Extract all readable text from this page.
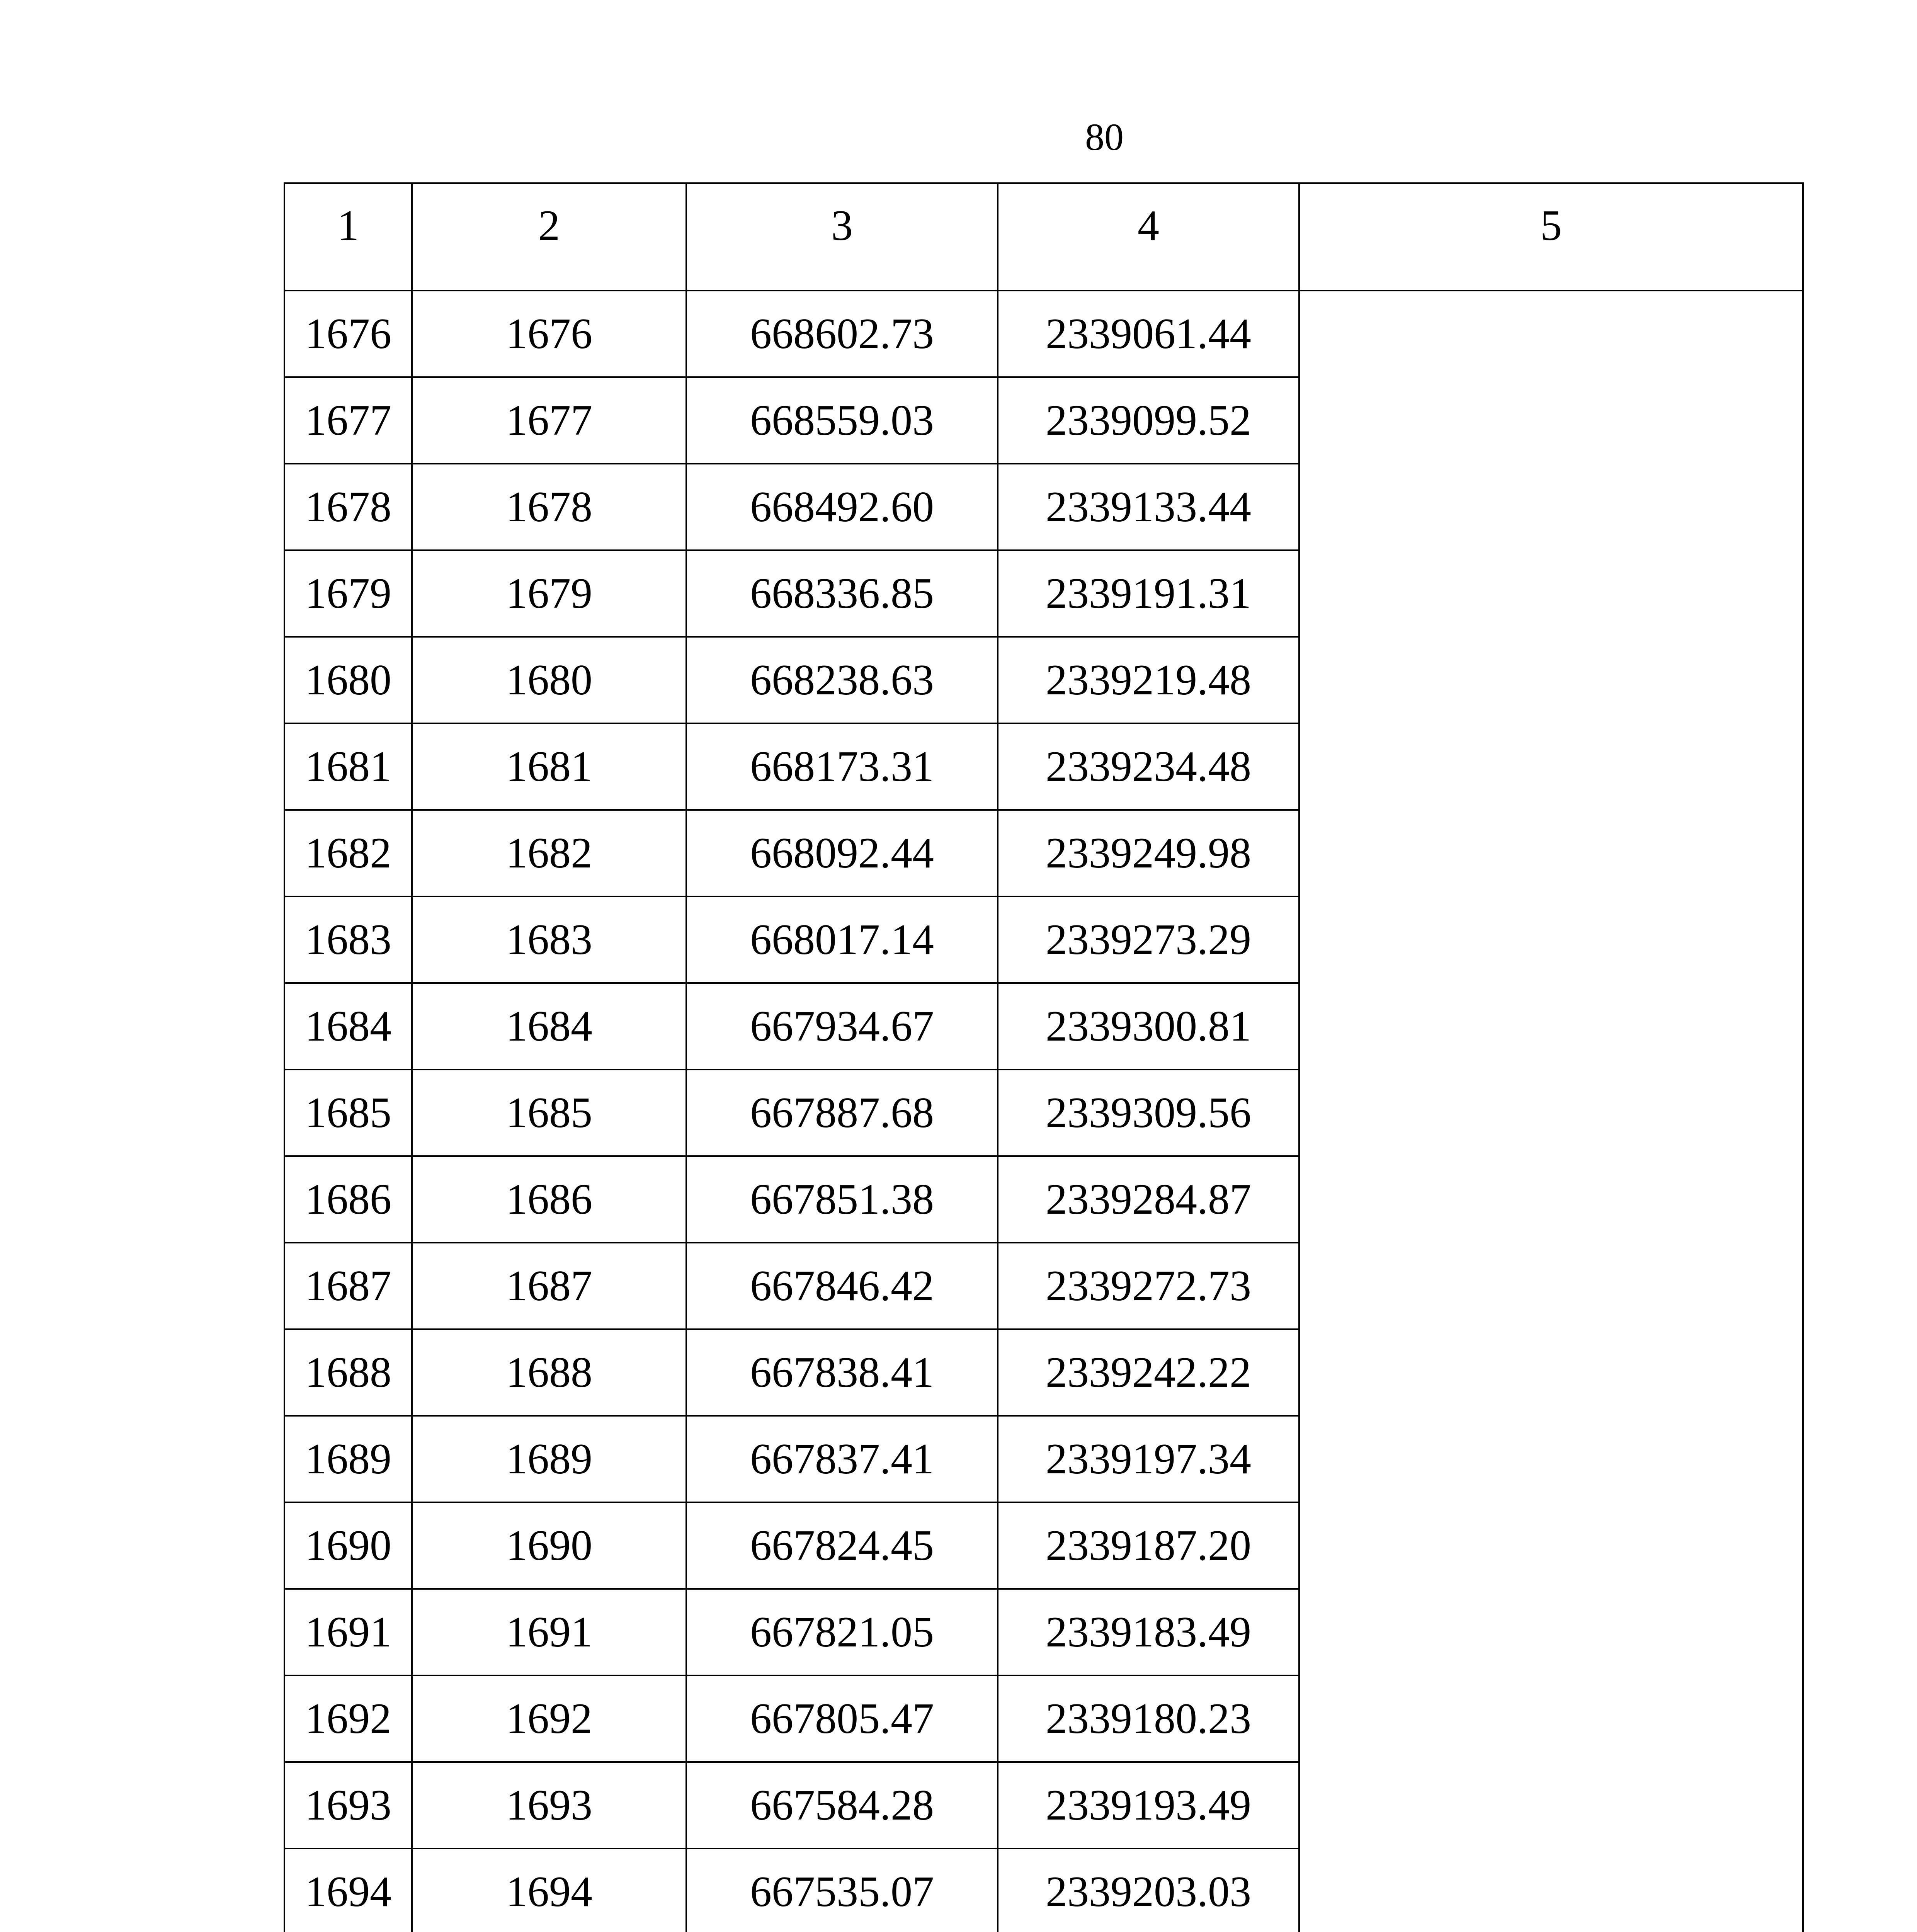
80
1	2	3	4	5
1676	1676	668602.73	2339061.44	
1677	1677	668559.03	2339099.52	
1678	1678	668492.60	2339133.44	
1679	1679	668336.85	2339191.31	
1680	1680	668238.63	2339219.48	
1681	1681	668173.31	2339234.48	
1682	1682	668092.44	2339249.98	
1683	1683	668017.14	2339273.29	
1684	1684	667934.67	2339300.81	
1685	1685	667887.68	2339309.56	
1686	1686	667851.38	2339284.87	
1687	1687	667846.42	2339272.73	
1688	1688	667838.41	2339242.22	
1689	1689	667837.41	2339197.34	
1690	1690	667824.45	2339187.20	
1691	1691	667821.05	2339183.49	
1692	1692	667805.47	2339180.23	
1693	1693	667584.28	2339193.49	
1694	1694	667535.07	2339203.03	
